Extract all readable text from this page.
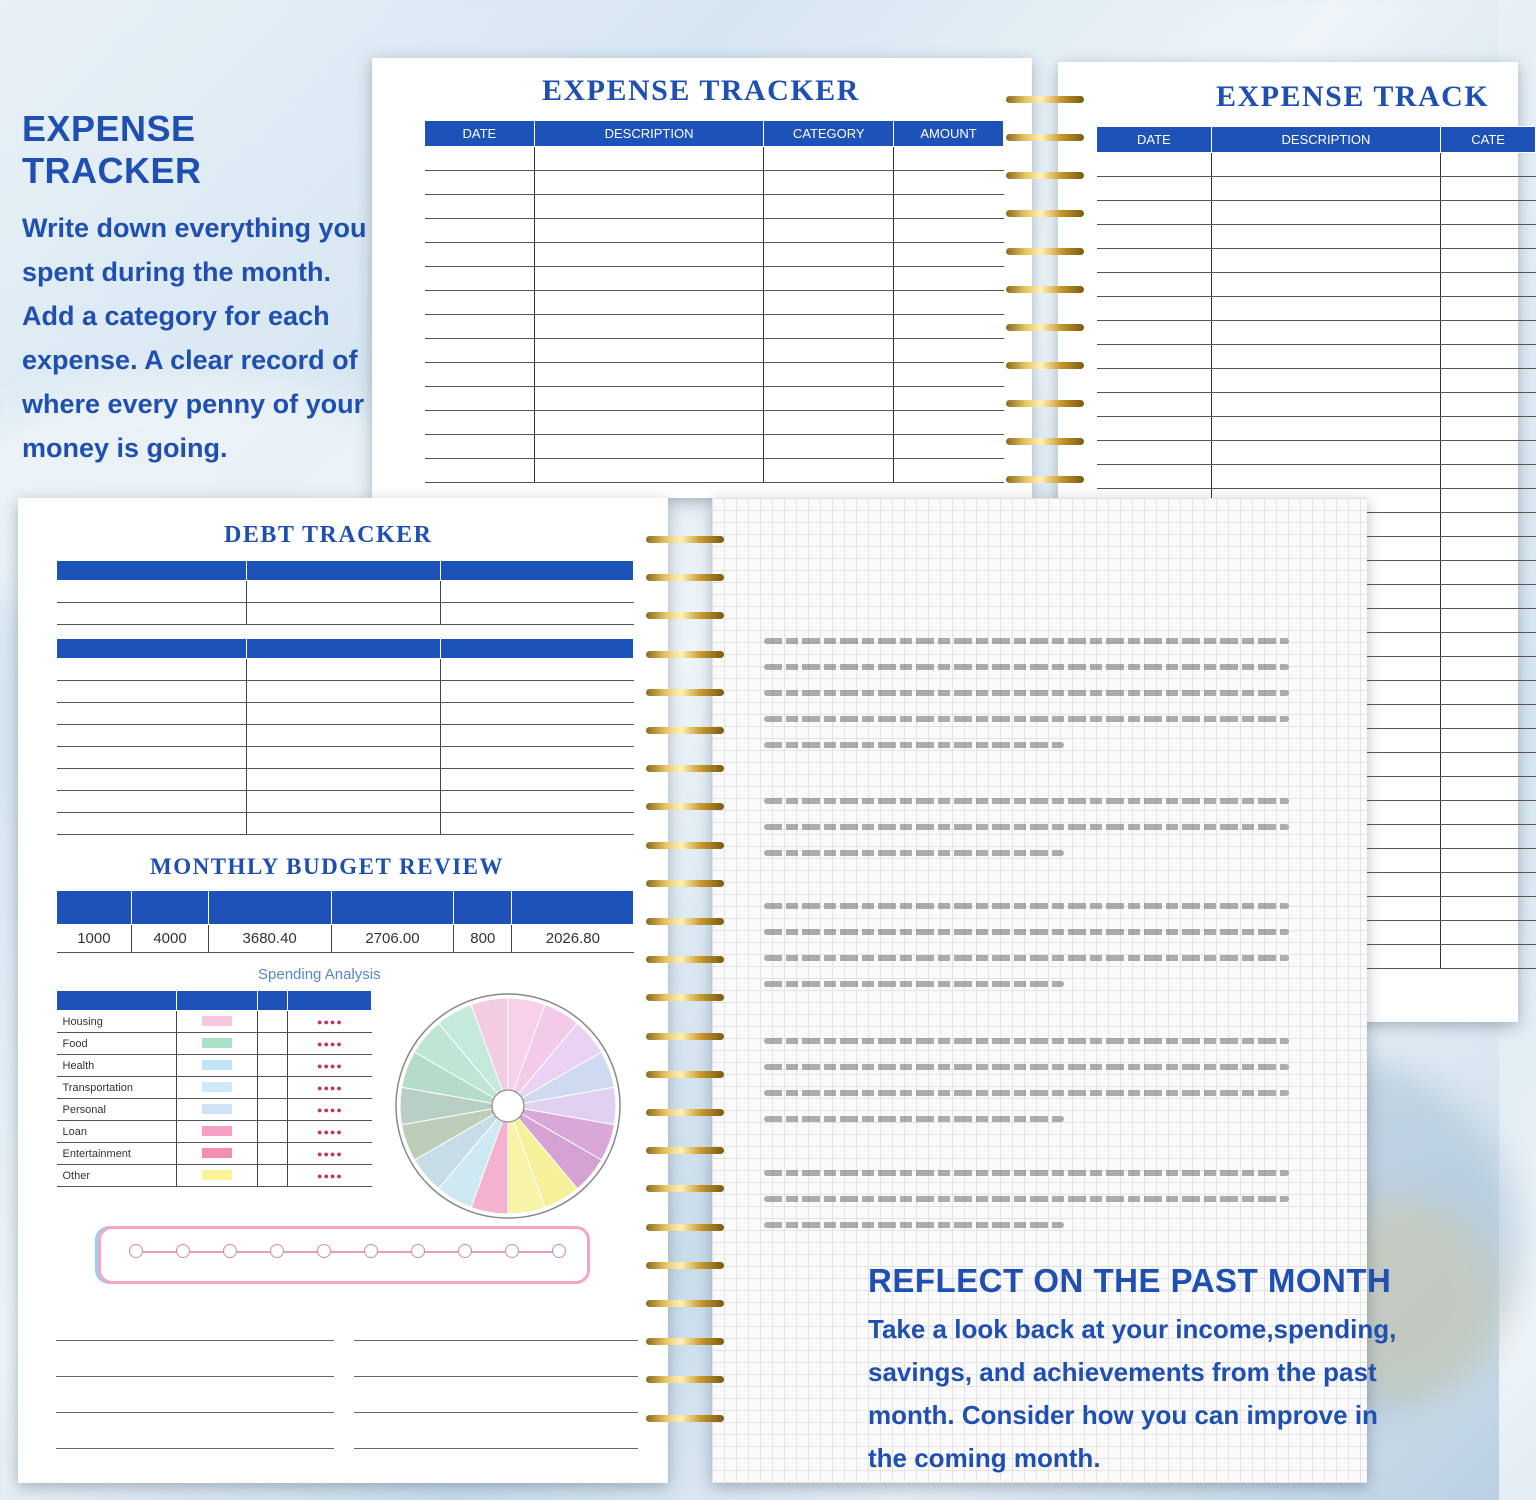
EXPENSE TRACKER

Write down everything you spent during the month. Add a category for each expense. A clear record of where every penny of your money is going.

EXPENSE TRACKER
DATE	DESCRIPTION	CATEGORY	AMOUNT

EXPENSE TRACK
DATE	DESCRIPTION	CATE

DEBT TRACKER

MONTHLY BUDGET REVIEW

1000	4000	3680.40	2706.00	800	2026.80
Spending Analysis

Housing			●●●●
Food			●●●●
Health			●●●●
Transportation			●●●●
Personal			●●●●
Loan			●●●●
Entertainment			●●●●
Other			●●●●
REFLECT ON THE PAST MONTH

Take a look back at your income,spending, savings, and achievements from the past month. Consider how you can improve in the coming month.
